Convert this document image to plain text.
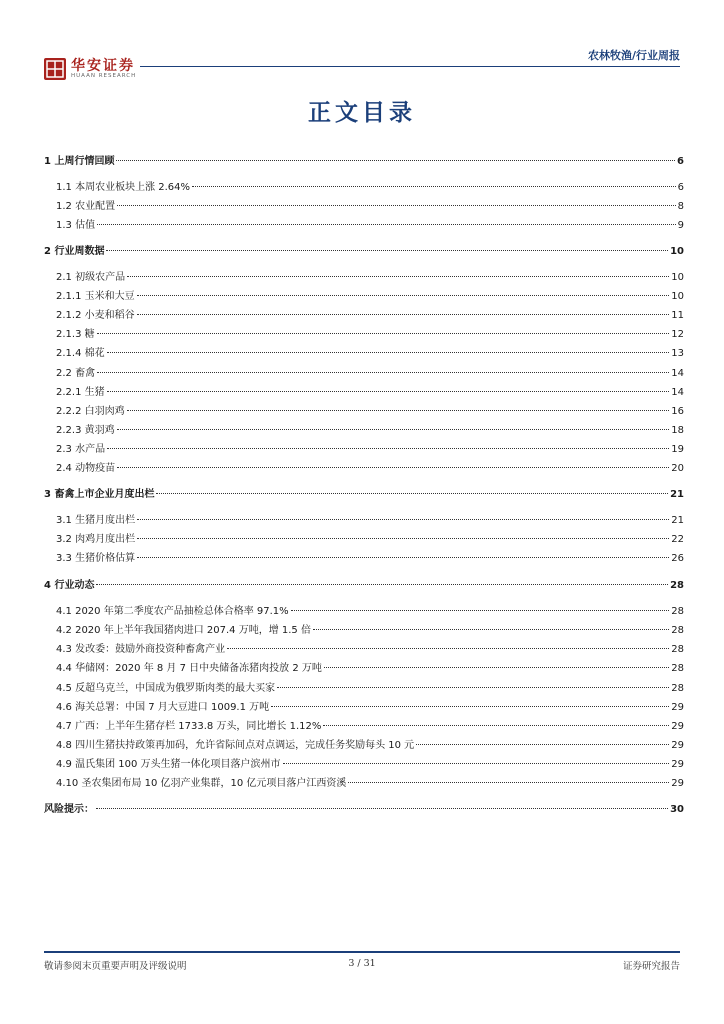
华安证券
HUAAN RESEARCH
农林牧渔/行业周报
正文目录
1 上周行情回顾	6
1.1 本周农业板块上涨 2.64%	6
1.2 农业配置	8
1.3 估值	9
2 行业周数据	10
2.1 初级农产品	10
2.1.1 玉米和大豆	10
2.1.2 小麦和稻谷	11
2.1.3 糖	12
2.1.4 棉花	13
2.2 畜禽	14
2.2.1 生猪	14
2.2.2 白羽肉鸡	16
2.2.3 黄羽鸡	18
2.3 水产品	19
2.4 动物疫苗	20
3 畜禽上市企业月度出栏	21
3.1 生猪月度出栏	21
3.2 肉鸡月度出栏	22
3.3 生猪价格估算	26
4 行业动态	28
4.1 2020 年第二季度农产品抽检总体合格率 97.1%	28
4.2 2020 年上半年我国猪肉进口 207.4 万吨，增 1.5 倍	28
4.3 发改委：鼓励外商投资种畜禽产业	28
4.4 华储网：2020 年 8 月 7 日中央储备冻猪肉投放 2 万吨	28
4.5 反超乌克兰，中国成为俄罗斯肉类的最大买家	28
4.6 海关总署：中国 7 月大豆进口 1009.1 万吨	29
4.7 广西：上半年生猪存栏 1733.8 万头，同比增长 1.12%	29
4.8 四川生猪扶持政策再加码，允许省际间点对点调运，完成任务奖励每头 10 元	29
4.9 温氏集团 100 万头生猪一体化项目落户滨州市	29
4.10 圣农集团布局 10 亿羽产业集群，10 亿元项目落户江西资溪	29
风险提示：	30
敬请参阅末页重要声明及评级说明	3 / 31	证券研究报告
